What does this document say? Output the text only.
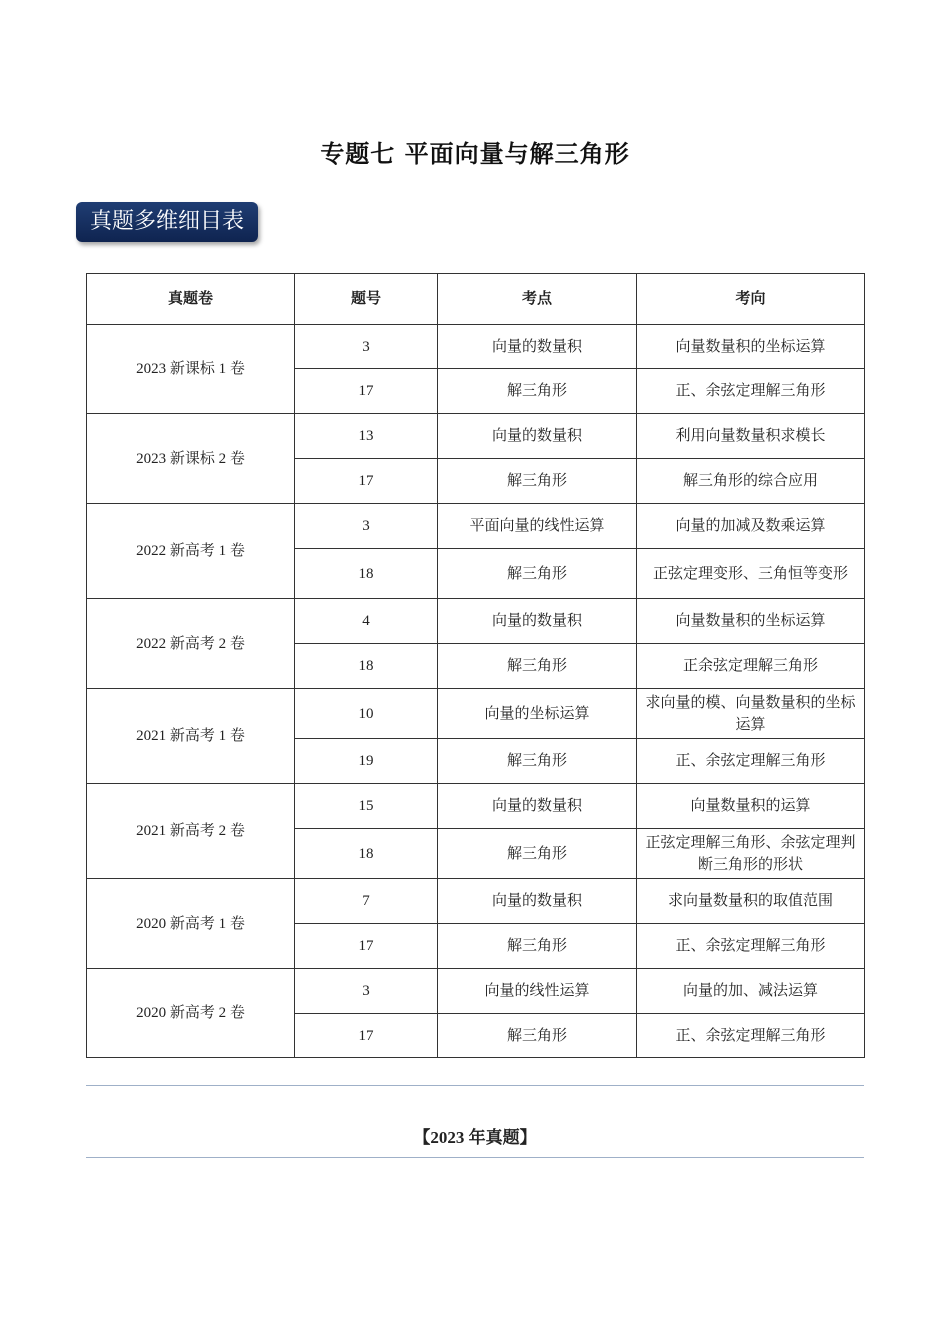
专题七 平面向量与解三角形
真题多维细目表
真题卷	题号	考点	考向
2023 新课标 1 卷	3	向量的数量积	向量数量积的坐标运算
	17	解三角形	正、余弦定理解三角形
2023 新课标 2 卷	13	向量的数量积	利用向量数量积求模长
	17	解三角形	解三角形的综合应用
2022 新高考 1 卷	3	平面向量的线性运算	向量的加减及数乘运算
	18	解三角形	正弦定理变形、三角恒等变形
2022 新高考 2 卷	4	向量的数量积	向量数量积的坐标运算
	18	解三角形	正余弦定理解三角形
2021 新高考 1 卷	10	向量的坐标运算	求向量的模、向量数量积的坐标运算
	19	解三角形	正、余弦定理解三角形
2021 新高考 2 卷	15	向量的数量积	向量数量积的运算
	18	解三角形	正弦定理解三角形、余弦定理判断三角形的形状
2020 新高考 1 卷	7	向量的数量积	求向量数量积的取值范围
	17	解三角形	正、余弦定理解三角形
2020 新高考 2 卷	3	向量的线性运算	向量的加、减法运算
	17	解三角形	正、余弦定理解三角形
【2023 年真题】
